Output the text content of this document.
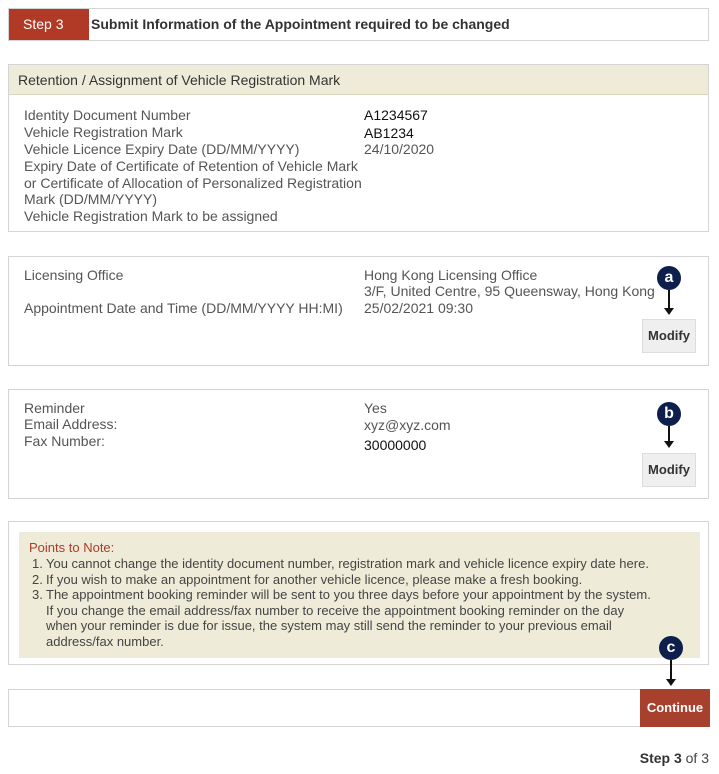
Step 3	Submit Information of the Appointment required to be changed
Retention / Assignment of Vehicle Registration Mark
Identity Document Number	A1234567
Vehicle Registration Mark	AB1234
Vehicle Licence Expiry Date (DD/MM/YYYY)	24/10/2020
Expiry Date of Certificate of Retention of Vehicle Mark
or Certificate of Allocation of Personalized Registration
Mark (DD/MM/YYYY)
Vehicle Registration Mark to be assigned
Licensing Office	Hong Kong Licensing Office
3/F, United Centre, 95 Queensway, Hong Kong
Appointment Date and Time (DD/MM/YYYY HH:MI) 25/02/2021 09:30
a
Modify
Reminder	Yes
Email Address:	xyz@xyz.com
Fax Number:	30000000
b
Modify
Points to Note:
1. You cannot change the identity document number, registration mark and vehicle licence expiry date here.
2. If you wish to make an appointment for another vehicle licence, please make a fresh booking.
3. The appointment booking reminder will be sent to you three days before your appointment by the system.
If you change the email address/fax number to receive the appointment booking reminder on the day
when your reminder is due for issue, the system may still send the reminder to your previous email
address/fax number.	c
Continue
Step 3 of 3
